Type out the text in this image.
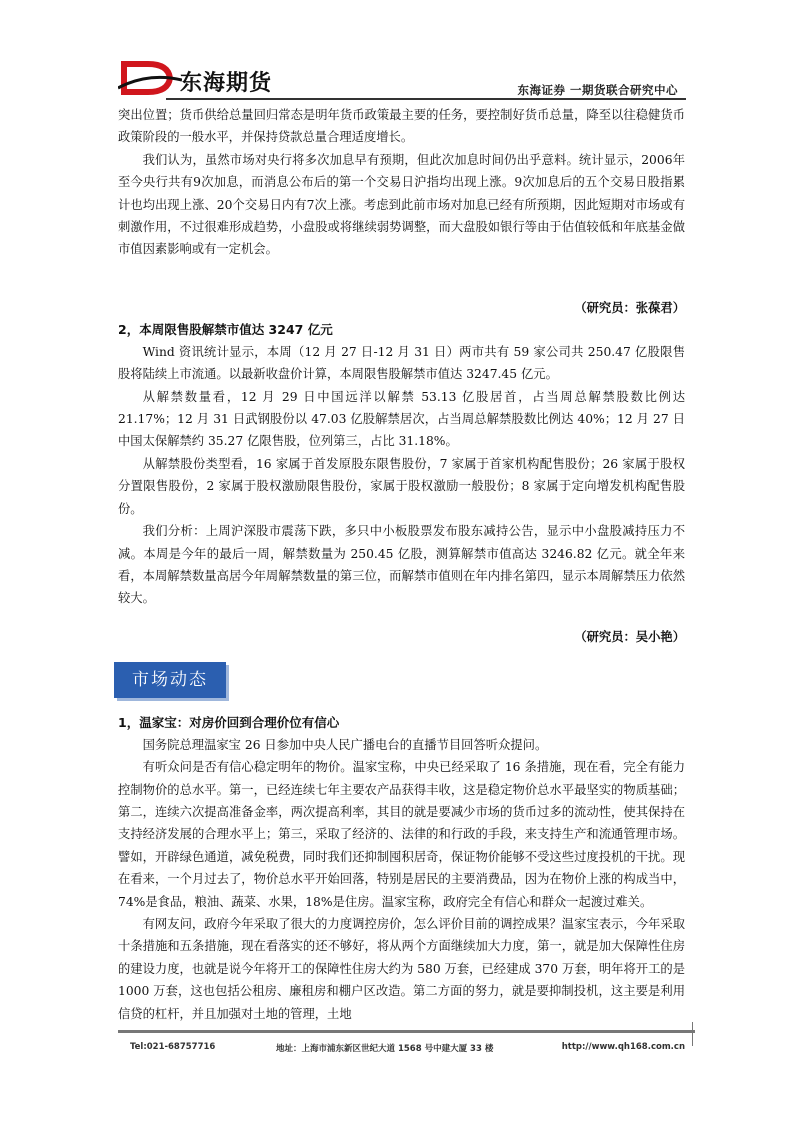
东海期货	东海证券 一期货联合研究中心

突出位置；货币供给总量回归常态是明年货币政策最主要的任务，要控制好货币总量，降至以往稳健货币政策阶段的一般水平，并保持贷款总量合理适度增长。

我们认为，虽然市场对央行将多次加息早有预期，但此次加息时间仍出乎意料。统计显示，2006年至今央行共有9次加息，而消息公布后的第一个交易日沪指均出现上涨。9次加息后的五个交易日股指累计也均出现上涨、20个交易日内有7次上涨。考虑到此前市场对加息已经有所预期，因此短期对市场或有刺激作用，不过很难形成趋势，小盘股或将继续弱势调整，而大盘股如银行等由于估值较低和年底基金做市值因素影响或有一定机会。

（研究员：张葆君）

2，本周限售股解禁市值达 3247 亿元

Wind 资讯统计显示，本周（12 月 27 日-12 月 31 日）两市共有 59 家公司共 250.47 亿股限售股将陆续上市流通。以最新收盘价计算，本周限售股解禁市值达 3247.45 亿元。

从解禁数量看，12 月 29 日中国远洋以解禁 53.13 亿股居首，占当周总解禁股数比例达 21.17%；12 月 31 日武钢股份以 47.03 亿股解禁居次，占当周总解禁股数比例达 40%；12 月 27 日中国太保解禁约 35.27 亿限售股，位列第三，占比 31.18%。

从解禁股份类型看，16 家属于首发原股东限售股份，7 家属于首家机构配售股份；26 家属于股权分置限售股份，2 家属于股权激励限售股份，家属于股权激励一般股份；8 家属于定向增发机构配售股份。

我们分析：上周沪深股市震荡下跌，多只中小板股票发布股东减持公告，显示中小盘股减持压力不减。本周是今年的最后一周，解禁数量为 250.45 亿股，测算解禁市值高达 3246.82 亿元。就全年来看，本周解禁数量高居今年周解禁数量的第三位，而解禁市值则在年内排名第四，显示本周解禁压力依然较大。

（研究员：吴小艳）

市场动态

1，温家宝：对房价回到合理价位有信心

国务院总理温家宝 26 日参加中央人民广播电台的直播节目回答听众提问。

有听众问是否有信心稳定明年的物价。温家宝称，中央已经采取了 16 条措施，现在看，完全有能力控制物价的总水平。第一，已经连续七年主要农产品获得丰收，这是稳定物价总水平最坚实的物质基础；第二，连续六次提高准备金率，两次提高利率，其目的就是要减少市场的货币过多的流动性，使其保持在支持经济发展的合理水平上；第三，采取了经济的、法律的和行政的手段，来支持生产和流通管理市场。譬如，开辟绿色通道，减免税费，同时我们还抑制囤积居奇，保证物价能够不受这些过度投机的干扰。现在看来，一个月过去了，物价总水平开始回落，特别是居民的主要消费品，因为在物价上涨的构成当中，74%是食品，粮油、蔬菜、水果，18%是住房。温家宝称，政府完全有信心和群众一起渡过难关。

有网友问，政府今年采取了很大的力度调控房价，怎么评价目前的调控成果？温家宝表示，今年采取十条措施和五条措施，现在看落实的还不够好，将从两个方面继续加大力度，第一，就是加大保障性住房的建设力度，也就是说今年将开工的保障性住房大约为 580 万套，已经建成 370 万套，明年将开工的是 1000 万套，这也包括公租房、廉租房和棚户区改造。第二方面的努力，就是要抑制投机，这主要是利用信贷的杠杆，并且加强对土地的管理，土地

Tel:021-68757716	地址：上海市浦东新区世纪大道 1568 号中建大厦 33 楼	http://www.qh168.com.cn
